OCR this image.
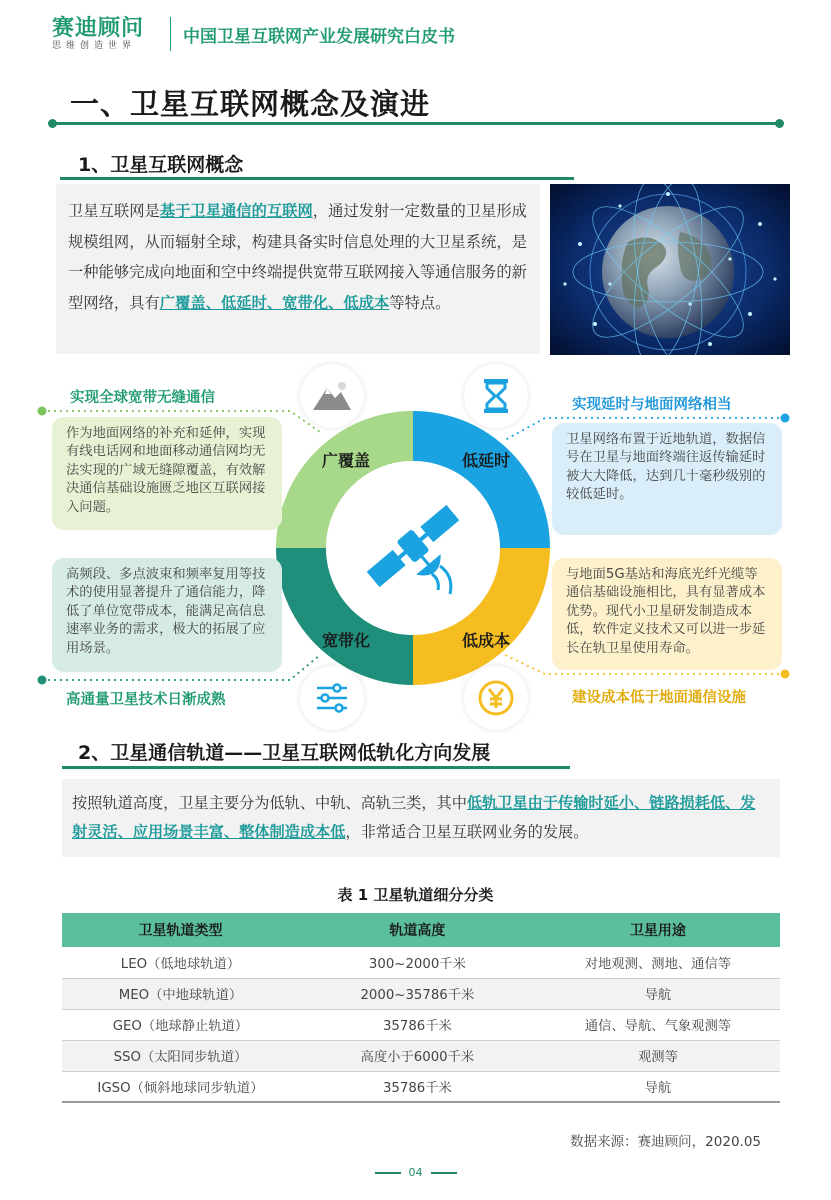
赛迪顾问
思维创造世界	中国卫星互联网产业发展研究白皮书
一、卫星互联网概念及演进
1、卫星互联网概念
卫星互联网是基于卫星通信的互联网，通过发射一定数量的卫星形成规模组网，从而辐射全球，构建具备实时信息处理的大卫星系统，是一种能够完成向地面和空中终端提供宽带互联网接入等通信服务的新型网络，具有广覆盖、低延时、宽带化、低成本等特点。
广覆盖	低延时
宽带化	低成本
实现全球宽带无缝通信	实现延时与地面网络相当
高通量卫星技术日渐成熟	建设成本低于地面通信设施
作为地面网络的补充和延伸，实现有线电话网和地面移动通信网均无法实现的广域无缝隙覆盖，有效解决通信基础设施匮乏地区互联网接入问题。
卫星网络布置于近地轨道，数据信号在卫星与地面终端往返传输延时被大大降低，达到几十毫秒级别的较低延时。
高频段、多点波束和频率复用等技术的使用显著提升了通信能力，降低了单位宽带成本，能满足高信息速率业务的需求，极大的拓展了应用场景。
与地面5G基站和海底光纤光缆等通信基础设施相比，具有显著成本优势。现代小卫星研发制造成本低，软件定义技术又可以进一步延长在轨卫星使用寿命。
2、卫星通信轨道——卫星互联网低轨化方向发展
按照轨道高度，卫星主要分为低轨、中轨、高轨三类，其中低轨卫星由于传输时延小、链路损耗低、发射灵活、应用场景丰富、整体制造成本低，非常适合卫星互联网业务的发展。
表 1 卫星轨道细分分类
卫星轨道类型	轨道高度	卫星用途
LEO（低地球轨道）	300~2000千米	对地观测、测地、通信等
MEO（中地球轨道）	2000~35786千米	导航
GEO（地球静止轨道）	35786千米	通信、导航、气象观测等
SSO（太阳同步轨道）	高度小于6000千米	观测等
IGSO（倾斜地球同步轨道）	35786千米	导航
数据来源：赛迪顾问，2020.05
04
